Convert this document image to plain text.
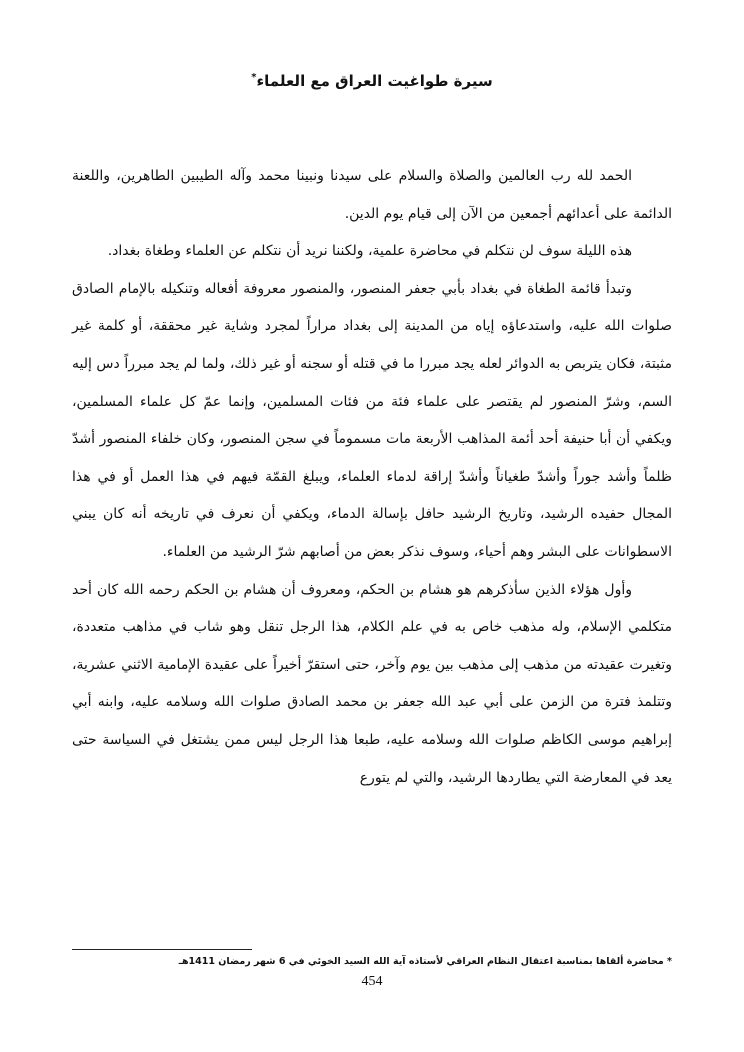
سيرة طواغيت العراق مع العلماء*

الحمد لله رب العالمين والصلاة والسلام على سيدنا ونبينا محمد وآله الطيبين الطاهرين، واللعنة الدائمة على أعدائهم أجمعين من الآن إلى قيام يوم الدين.

هذه الليلة سوف لن نتكلم في محاضرة علمية، ولكننا نريد أن نتكلم عن العلماء وطغاة بغداد.

وتبدأ قائمة الطغاة في بغداد بأبي جعفر المنصور، والمنصور معروفة أفعاله وتنكيله بالإمام الصادق صلوات الله عليه، واستدعاؤه إياه من المدينة إلى بغداد مراراً لمجرد وشاية غير محققة، أو كلمة غير مثبتة، فكان يتربص به الدوائر لعله يجد مبررا ما في قتله أو سجنه أو غير ذلك، ولما لم يجد مبرراً دس إليه السم، وشرّ المنصور لم يقتصر على علماء فئة من فئات المسلمين، وإنما عمّ كل علماء المسلمين، ويكفي أن أبا حنيفة أحد أئمة المذاهب الأربعة مات مسموماً في سجن المنصور، وكان خلفاء المنصور أشدّ ظلماً وأشد جوراً وأشدّ طغياناً وأشدّ إراقة لدماء العلماء، ويبلغ القمّة فيهم في هذا العمل أو في هذا المجال حفيده الرشيد، وتاريخ الرشيد حافل بإسالة الدماء، ويكفي أن نعرف في تاريخه أنه كان يبني الاسطوانات على البشر وهم أحياء، وسوف نذكر بعض من أصابهم شرّ الرشيد من العلماء.

وأول هؤلاء الذين سأذكرهم هو هشام بن الحكم، ومعروف أن هشام بن الحكم رحمه الله كان أحد متكلمي الإسلام، وله مذهب خاص به في علم الكلام، هذا الرجل تنقل وهو شاب في مذاهب متعددة، وتغيرت عقيدته من مذهب إلى مذهب بين يوم وآخر، حتى استقرّ أخيراً على عقيدة الإمامية الاثني عشرية، وتتلمذ فترة من الزمن على أبي عبد الله جعفر بن محمد الصادق صلوات الله وسلامه عليه، وابنه أبي إبراهيم موسى الكاظم صلوات الله وسلامه عليه، طبعا هذا الرجل ليس ممن يشتغل في السياسة حتى يعد في المعارضة التي يطاردها الرشيد، والتي لم يتورع

* محاضرة ألقاها بمناسبة اعتقال النظام العراقي لأستاذه آية الله السيد الخوئي في 6 شهر رمضان 1411هـ
454
